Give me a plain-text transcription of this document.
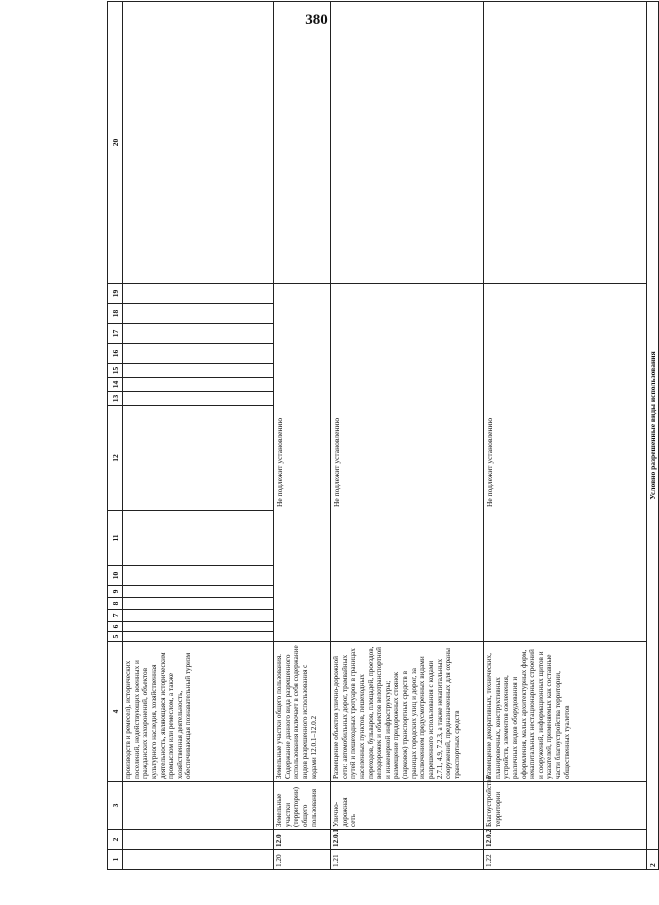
380
1	2	3	4	5	6	7	8	9	10	11	12	13	14	15	16	17	18	19	20
			производств и ремесел), исторических поселений, недействующих военных и гражданских захоронений, объектов культурного наследия, хозяйственная деятельность, являющаяся историческим промыслом или ремеслом, а также хозяйственная деятельность, обеспечивающая познавательный туризм																
1.20	12.0	Земельные участки (территории) общего пользования	Земельные участки общего пользования. Содержание данного вида разрешенного использования включает в себя содержание видов разрешенного использования с кодами 12.0.1–12.0.2	Не подлежит установлению															
1.21	12.0.1	Улично-дорожная сеть	Размещение объектов улично-дорожной сети: автомобильных дорог, трамвайных путей и пешеходных тротуаров в границах населенных пунктов, пешеходных переходов, бульваров, площадей, проездов, велодорожек и объектов велотранспортной и инженерной инфраструктуры; размещение придорожных стоянок (парковок) транспортных средств в границах городских улиц и дорог, за исключением предусмотренных видами разрешенного использования с кодами 2.7.1, 4.9, 7.2.3, а также некапитальных сооружений, предназначенных для охраны транспортных средств	Не подлежит установлению															
1.22	12.0.2	Благоустройство территории	Размещение декоративных, технических, планировочных, конструктивных устройств, элементов озеленения, различных видов оборудования и оформления, малых архитектурных форм, некапитальных нестационарных строений и сооружений, информационных щитов и указателей, применяемых как составные части благоустройства территории, общественных туалетов	Не подлежит установлению															
2	Условно разрешенные виды использования																		
